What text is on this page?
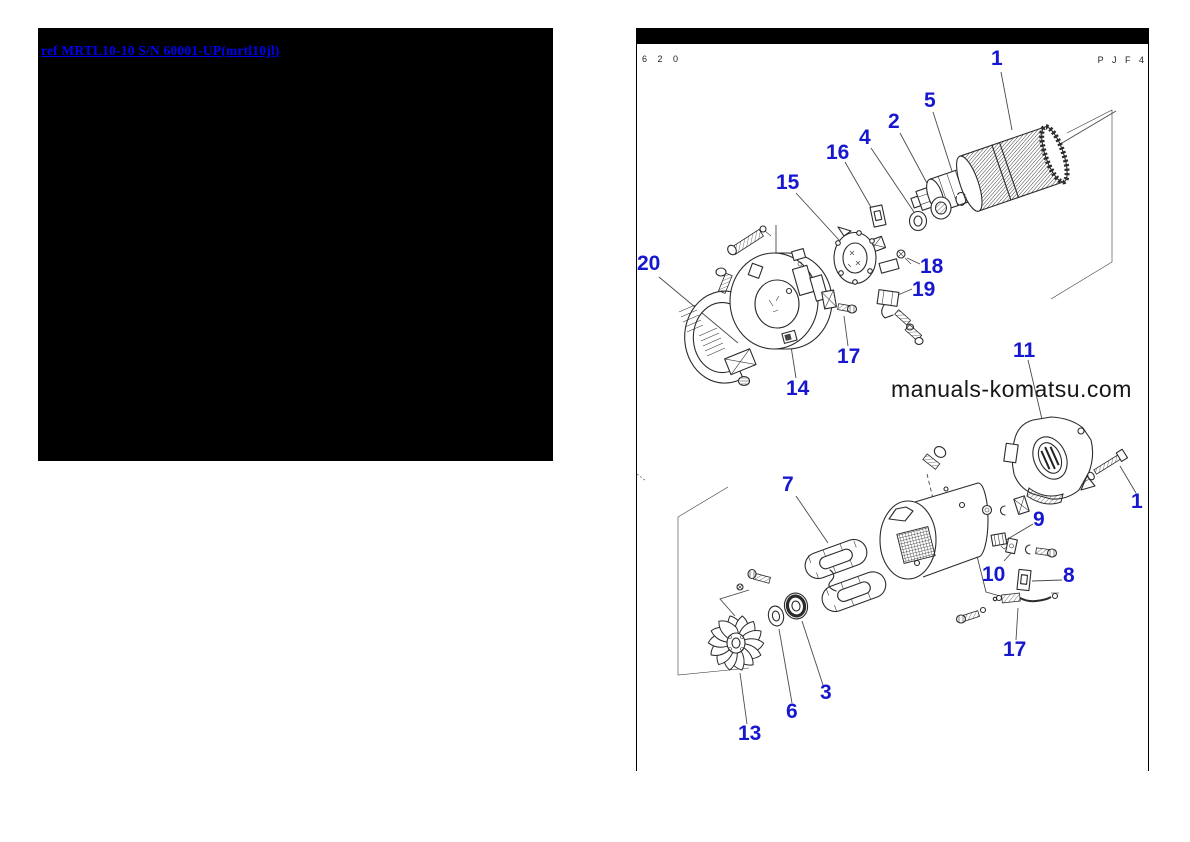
ref MRTL10-10 S/N 60001-UP(mrtl10jl)
6 2 0	P J F 4
manuals-komatsu.com
1
5
2
4
16
15
20	18
19
17
14
11
7
9
10	8
17
3
6
13
1
